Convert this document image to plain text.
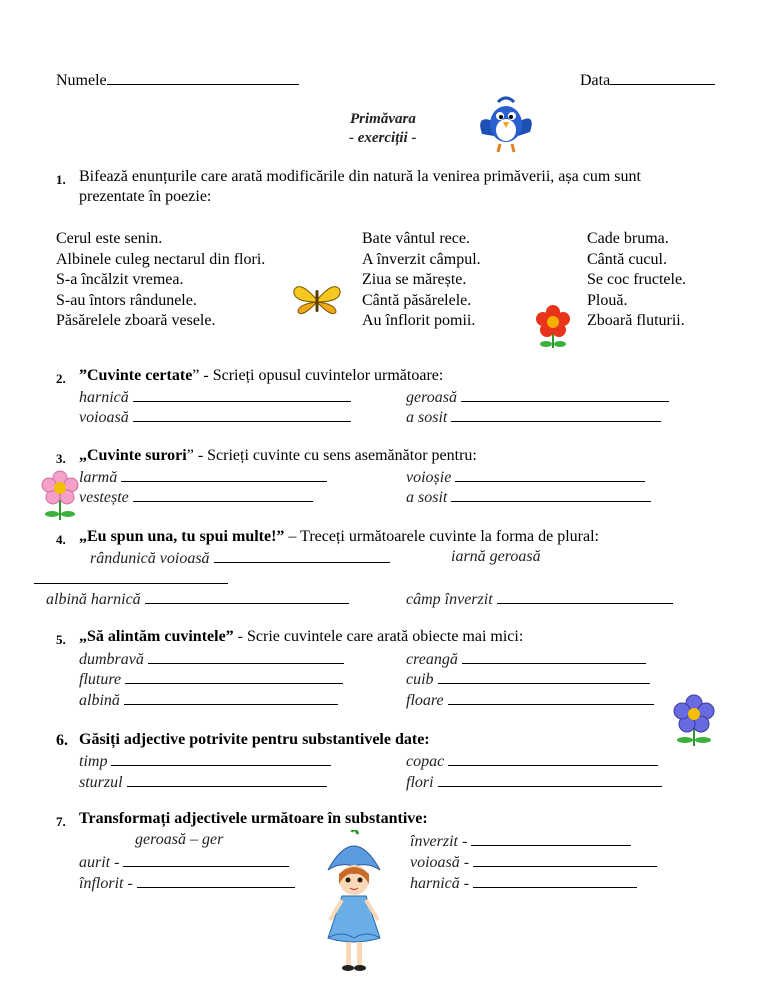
Numele	Data
Primăvara
- exerciții -
1. Bifează enunțurile care arată modificările din natură la venirea primăverii, așa cum sunt
prezentate în poezie:
Cerul este senin.
Albinele culeg nectarul din flori.
S-a încălzit vremea.
S-au întors rândunele.
Păsărelele zboară vesele.
Bate vântul rece.
A înverzit câmpul.
Ziua se mărește.
Cântă păsărelele.
Au înflorit pomii.
Cade bruma.
Cântă cucul.
Se coc fructele.
Plouă.
Zboară fluturii.
2. ”Cuvinte certate” - Scrieți opusul cuvintelor următoare:
harnică	geroasă
voioasă	a sosit
3. „Cuvinte surori” - Scrieți cuvinte cu sens asemănător pentru:
larmă	voioșie
vestește	a sosit
4. „Eu spun una, tu spui multe!” – Treceți următoarele cuvinte la forma de plural:
rândunică voioasă	iarnă geroasă
albină harnică	câmp înverzit
5. „Să alintăm cuvintele” - Scrie cuvintele care arată obiecte mai mici:
dumbravă	creangă
fluture	cuib
albină	floare
6. Găsiți adjective potrivite pentru substantivele date:
timp	copac
sturzul	flori
7. Transformați adjectivele următoare în substantive:
geroasă – ger	înverzit -
aurit -	voioasă -
înflorit -	harnică -
